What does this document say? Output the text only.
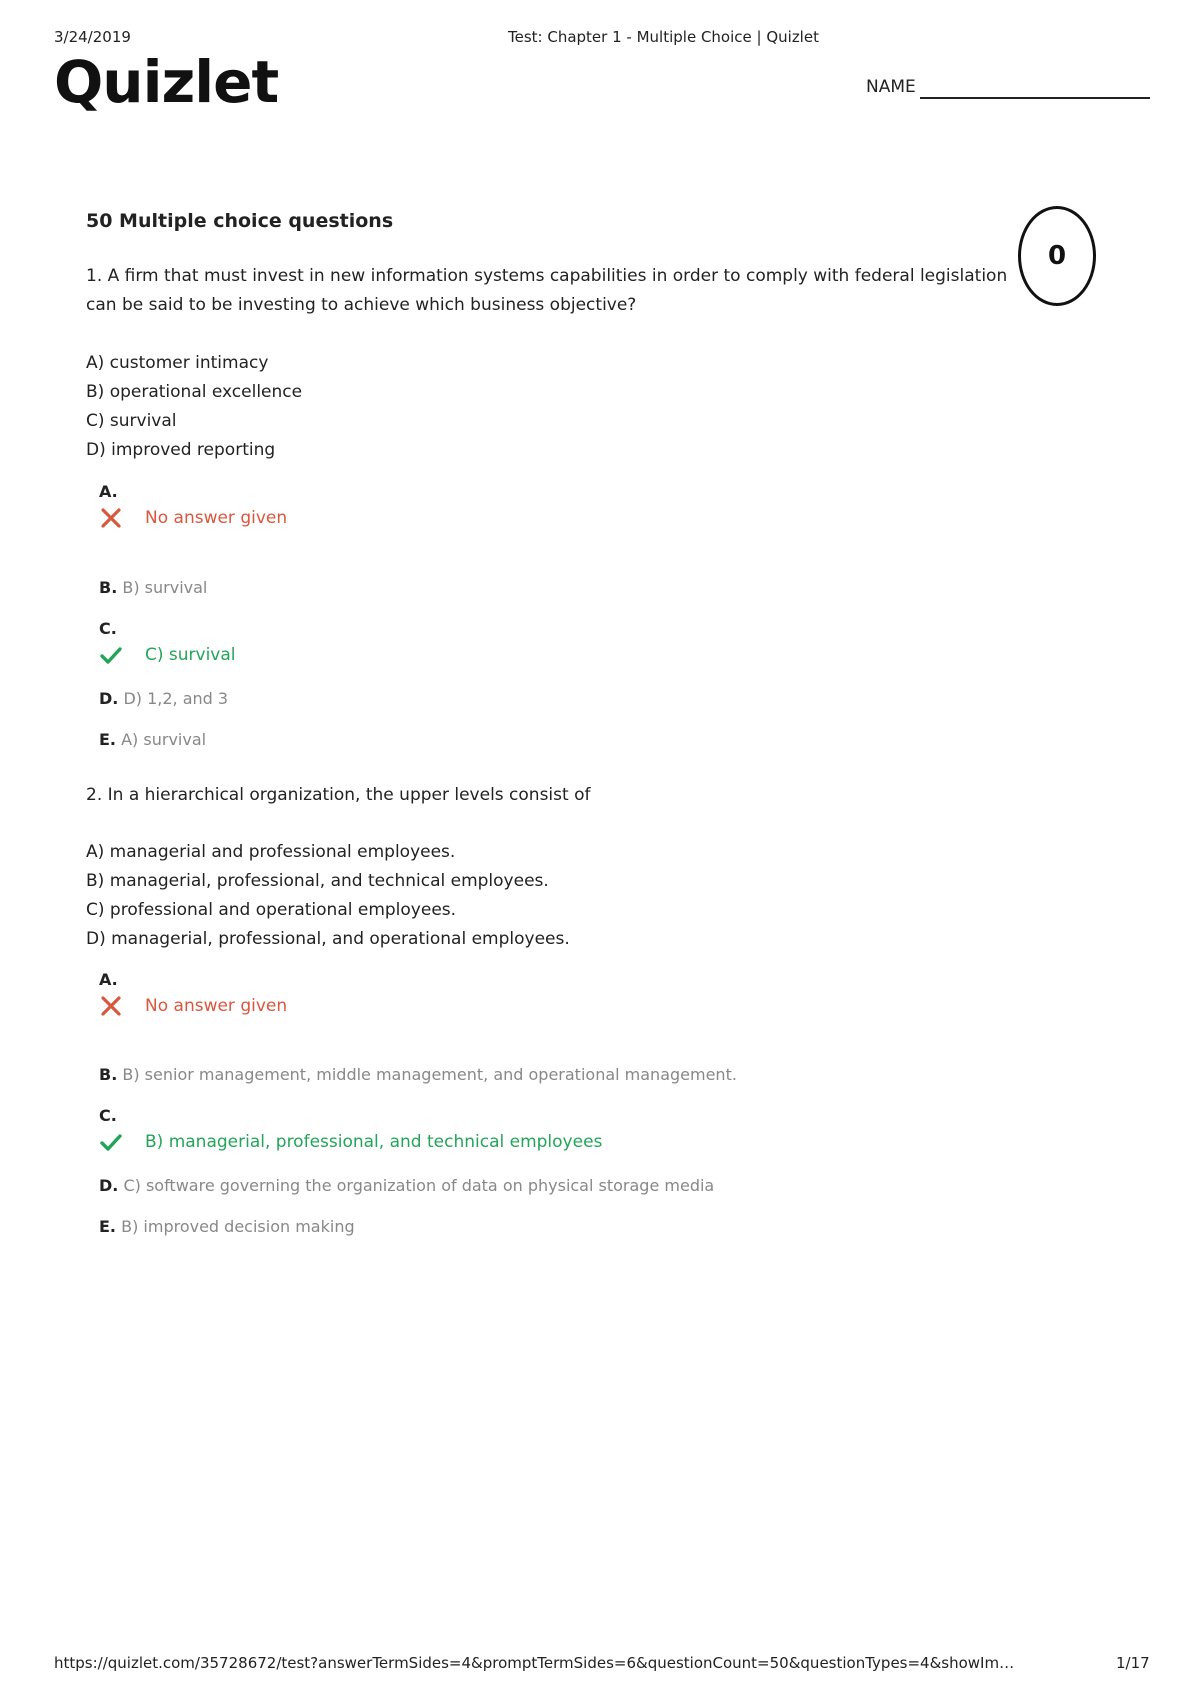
3/24/2019	Test: Chapter 1 - Multiple Choice | Quizlet
Quizlet	NAME
50 Multiple choice questions
0
1. A firm that must invest in new information systems capabilities in order to comply with federal legislation can be said to be investing to achieve which business objective?
A) customer intimacy
B) operational excellence
C) survival
D) improved reporting
A.
No answer given
B. B) survival
C.
C) survival
D. D) 1,2, and 3
E. A) survival
2. In a hierarchical organization, the upper levels consist of
A) managerial and professional employees.
B) managerial, professional, and technical employees.
C) professional and operational employees.
D) managerial, professional, and operational employees.
A.
No answer given
B. B) senior management, middle management, and operational management.
C.
B) managerial, professional, and technical employees
D. C) software governing the organization of data on physical storage media
E. B) improved decision making
https://quizlet.com/35728672/test?answerTermSides=4&promptTermSides=6&questionCount=50&questionTypes=4&showIm…	1/17
